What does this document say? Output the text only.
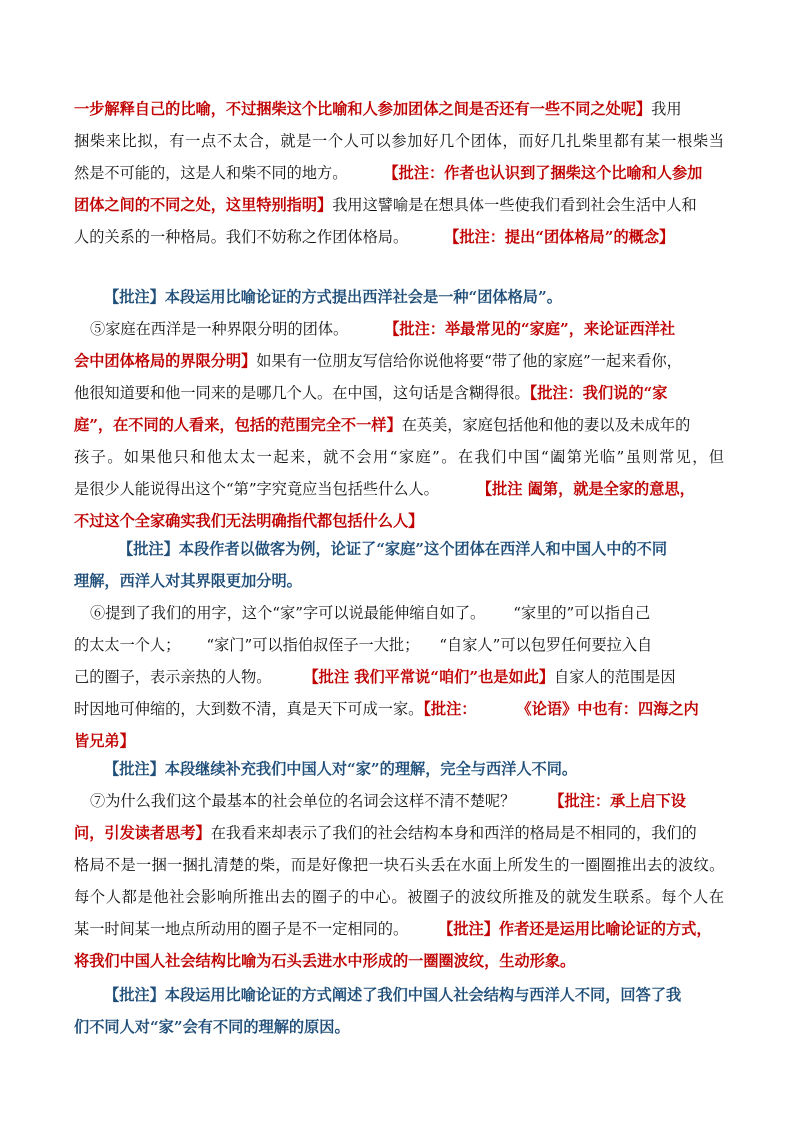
一步解释自己的比喻，不过捆柴这个比喻和人参加团体之间是否还有一些不同之处呢】我用
捆柴来比拟，有一点不太合，就是一个人可以参加好几个团体，而好几扎柴里都有某一根柴当
然是不可能的，这是人和柴不同的地方。 【批注：作者也认识到了捆柴这个比喻和人参加
团体之间的不同之处，这里特别指明】我用这譬喻是在想具体一些使我们看到社会生活中人和
人的关系的一种格局。我们不妨称之作团体格局。 【批注：提出“团体格局”的概念】
【批注】本段运用比喻论证的方式提出西洋社会是一种“团体格局”。
⑤家庭在西洋是一种界限分明的团体。 【批注：举最常见的“家庭”，来论证西洋社
会中团体格局的界限分明】如果有一位朋友写信给你说他将要“带了他的家庭”一起来看你，
他很知道要和他一同来的是哪几个人。在中国，这句话是含糊得很。【批注：我们说的“家
庭”，在不同的人看来，包括的范围完全不一样】在英美，家庭包括他和他的妻以及未成年的
孩子。如果他只和他太太一起来，就不会用“家庭”。在我们中国“阖第光临”虽则常见，但
是很少人能说得出这个“第”字究竟应当包括些什么人。	【批注 阖第，就是全家的意思，
不过这个全家确实我们无法明确指代都包括什么人】
【批注】本段作者以做客为例，论证了“家庭”这个团体在西洋人和中国人中的不同
理解，西洋人对其界限更加分明。
⑥提到了我们的用字，这个“家”字可以说最能伸缩自如了。 “家里的”可以指自己
的太太一个人； “家门”可以指伯叔侄子一大批； “自家人”可以包罗任何要拉入自
己的圈子，表示亲热的人物。 【批注 我们平常说“咱们”也是如此】自家人的范围是因
时因地可伸缩的，大到数不清，真是天下可成一家。【批注：	《论语》中也有：四海之内
皆兄弟】
【批注】本段继续补充我们中国人对“家”的理解，完全与西洋人不同。
⑦为什么我们这个最基本的社会单位的名词会这样不清不楚呢？ 【批注：承上启下设
问，引发读者思考】在我看来却表示了我们的社会结构本身和西洋的格局是不相同的，我们的
格局不是一捆一捆扎清楚的柴，而是好像把一块石头丢在水面上所发生的一圈圈推出去的波纹。
每个人都是他社会影响所推出去的圈子的中心。被圈子的波纹所推及的就发生联系。每个人在
某一时间某一地点所动用的圈子是不一定相同的。 【批注】作者还是运用比喻论证的方式，
将我们中国人社会结构比喻为石头丢进水中形成的一圈圈波纹，生动形象。
【批注】本段运用比喻论证的方式阐述了我们中国人社会结构与西洋人不同，回答了我
们不同人对“家”会有不同的理解的原因。
